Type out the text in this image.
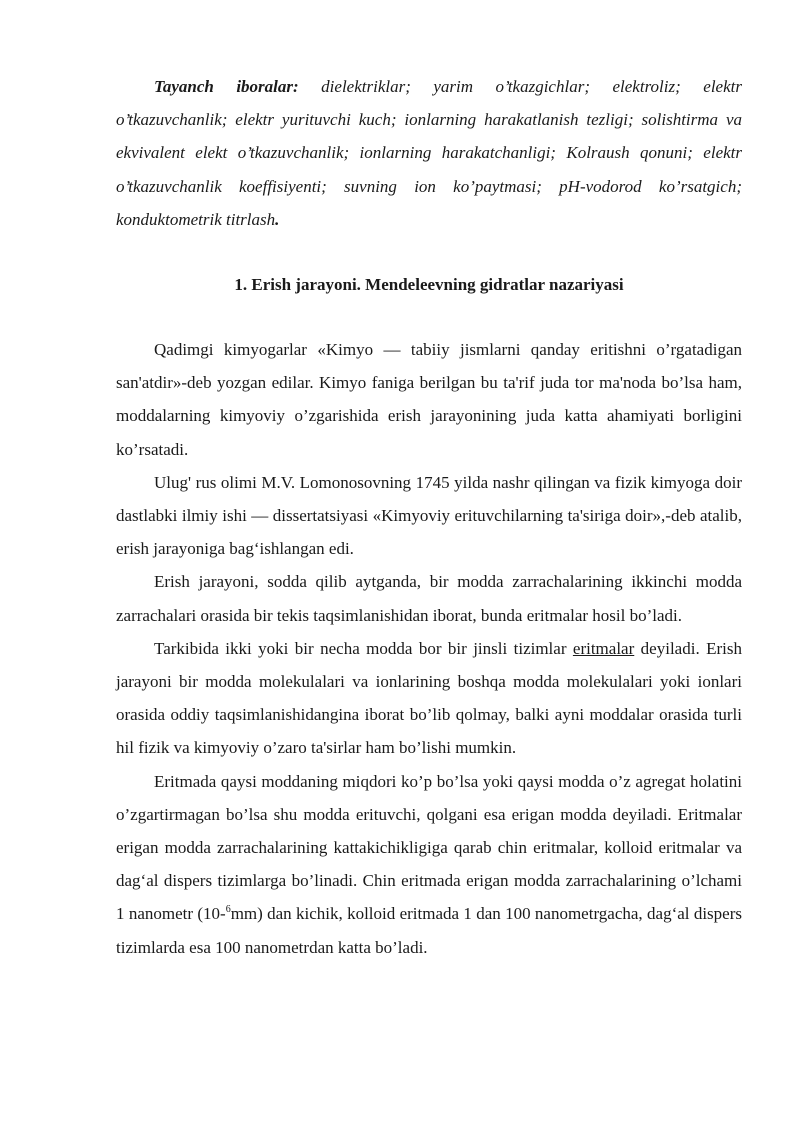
Tayanch iboralar: dielektriklar; yarim o’tkazgichlar; elektroliz; elektr o’tkazuvchanlik; elektr yurituvchi kuch; ionlarning harakatlanish tezligi; solishtirma va ekvivalent elekt o’tkazuvchanlik; ionlarning harakatchanligi; Kolraush qonuni; elektr o’tkazuvchanlik koeffisiyenti; suvning ion ko’paytmasi; pH-vodorod ko’rsatgich; konduktometrik titrlash.

1. Erish jarayoni. Mendeleevning gidratlar nazariyasi

Qadimgi kimyogarlar «Kimyo — tabiiy jismlarni qanday eritishni o’rgatadigan san'atdir»-deb yozgan edilar. Kimyo faniga berilgan bu ta'rif juda tor ma'noda bo’lsa ham, moddalarning kimyoviy o’zgarishida erish jarayonining juda katta ahamiyati borligini ko’rsatadi.

Ulug' rus olimi M.V. Lomonosovning 1745 yilda nashr qilingan va fizik kimyoga doir dastlabki ilmiy ishi — dissertatsiyasi «Kimyoviy erituvchilarning ta'siriga doir»,-deb atalib, erish jarayoniga bag‘ishlangan edi.

Erish jarayoni, sodda qilib aytganda, bir modda zarrachalarining ikkinchi modda zarrachalari orasida bir tekis taqsimlanishidan iborat, bunda eritmalar hosil bo’ladi.

Tarkibida ikki yoki bir necha modda bor bir jinsli tizimlar eritmalar deyiladi. Erish jarayoni bir modda molekulalari va ionlarining boshqa modda molekulalari yoki ionlari orasida oddiy taqsimlanishidangina iborat bo’lib qolmay, balki ayni moddalar orasida turli hil fizik va kimyoviy o’zaro ta'sirlar ham bo’lishi mumkin.

Eritmada qaysi moddaning miqdori ko’p bo’lsa yoki qaysi modda o’z agregat holatini o’zgartirmagan bo’lsa shu modda erituvchi, qolgani esa erigan modda deyiladi. Eritmalar erigan modda zarrachalarining kattakichikligiga qarab chin eritmalar, kolloid eritmalar va dag‘al dispers tizimlarga bo’linadi. Chin eritmada erigan modda zarrachalarining o’lchami 1 nanometr (10-$^6$mm) dan kichik, kolloid eritmada 1 dan 100 nanometrgacha, dag‘al dispers tizimlarda esa 100 nanometrdan katta bo’ladi.
